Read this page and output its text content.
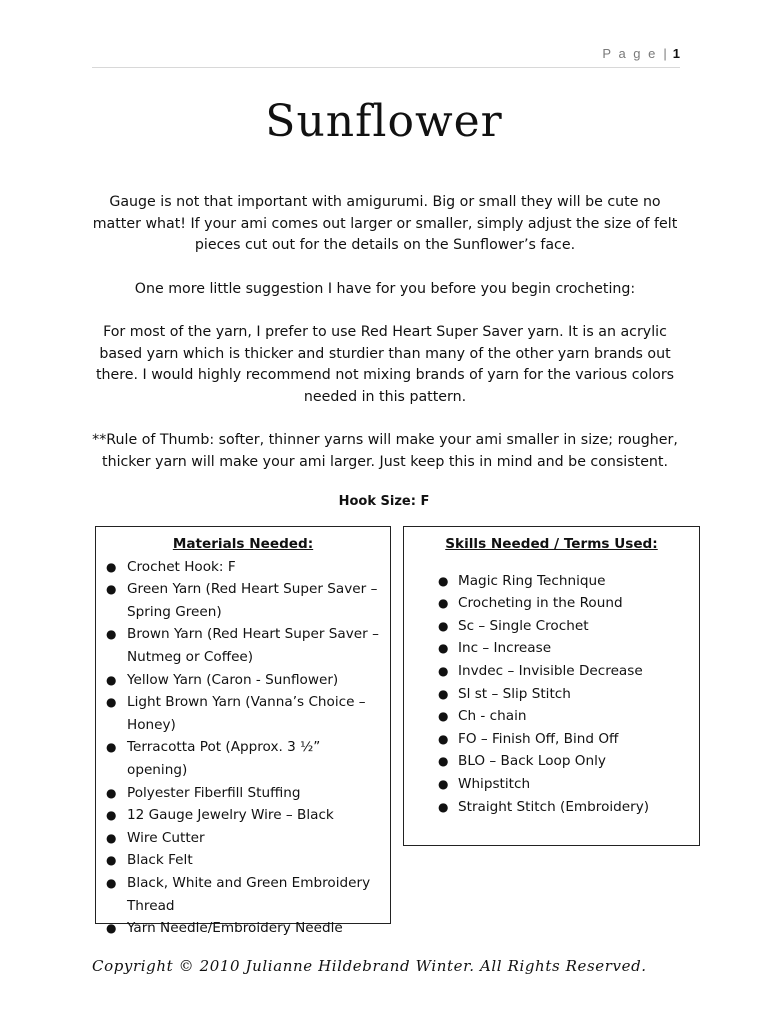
P a g e | 1
Sunflower

Gauge is not that important with amigurumi. Big or small they will be cute no matter what! If your ami comes out larger or smaller, simply adjust the size of felt pieces cut out for the details on the Sunflower’s face.

One more little suggestion I have for you before you begin crocheting:

For most of the yarn, I prefer to use Red Heart Super Saver yarn. It is an acrylic based yarn which is thicker and sturdier than many of the other yarn brands out there. I would highly recommend not mixing brands of yarn for the various colors needed in this pattern.

**Rule of Thumb: softer, thinner yarns will make your ami smaller in size; rougher, thicker yarn will make your ami larger. Just keep this in mind and be consistent.

Hook Size: F
Materials Needed:
● Crochet Hook: F
● Green Yarn (Red Heart Super Saver – Spring Green)
● Brown Yarn (Red Heart Super Saver – Nutmeg or Coffee)
● Yellow Yarn (Caron - Sunflower)
● Light Brown Yarn (Vanna’s Choice – Honey)
● Terracotta Pot (Approx. 3 ½” opening)
● Polyester Fiberfill Stuffing
● 12 Gauge Jewelry Wire – Black
● Wire Cutter
● Black Felt
● Black, White and Green Embroidery Thread
● Yarn Needle/Embroidery Needle
Skills Needed / Terms Used:
● Magic Ring Technique
● Crocheting in the Round
● Sc – Single Crochet
● Inc – Increase
● Invdec – Invisible Decrease
● Sl st – Slip Stitch
● Ch - chain
● FO – Finish Off, Bind Off
● BLO – Back Loop Only
● Whipstitch
● Straight Stitch (Embroidery)
Copyright © 2010 Julianne Hildebrand Winter. All Rights Reserved.
